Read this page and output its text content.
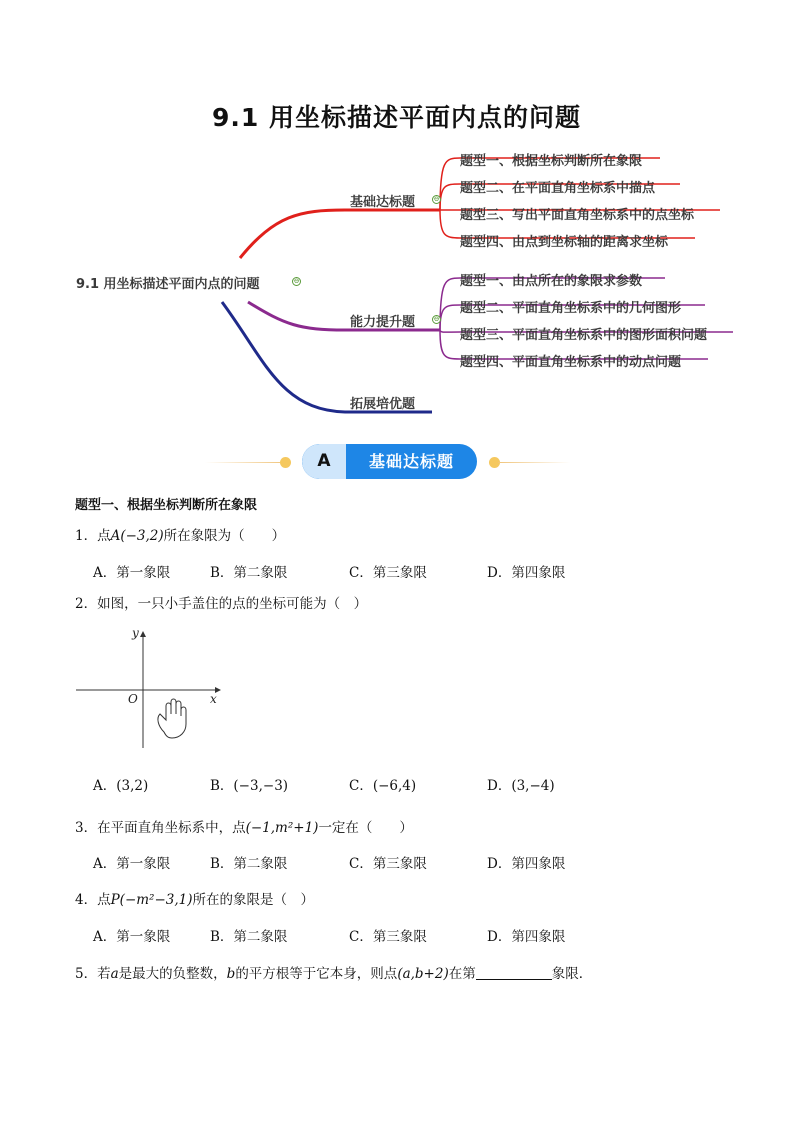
9.1 用坐标描述平面内点的问题
9.1 用坐标描述平面内点的问题	⊖
基础达标题	⊖
题型一、根据坐标判断所在象限
题型二、在平面直角坐标系中描点
题型三、写出平面直角坐标系中的点坐标
题型四、由点到坐标轴的距离求坐标
能力提升题	⊖
题型一、由点所在的象限求参数
题型二、平面直角坐标系中的几何图形
题型三、平面直角坐标系中的图形面积问题
题型四、平面直角坐标系中的动点问题
拓展培优题
A	基础达标题
题型一、根据坐标判断所在象限
1．点A(−3,2)所在象限为（　　）
A．第一象限	B．第二象限	C．第三象限	D．第四象限
2．如图，一只小手盖住的点的坐标可能为（　）
y
x
O
A．(3,2)	B．(−3,−3)	C．(−6,4)	D．(3,−4)
3．在平面直角坐标系中，点(−1,m²+1)一定在（　　）
A．第一象限	B．第二象限	C．第三象限	D．第四象限
4．点P(−m²−3,1)所在的象限是（　）
A．第一象限	B．第二象限	C．第三象限	D．第四象限
5．若a是最大的负整数，b的平方根等于它本身，则点(a,b+2)在第	象限．
